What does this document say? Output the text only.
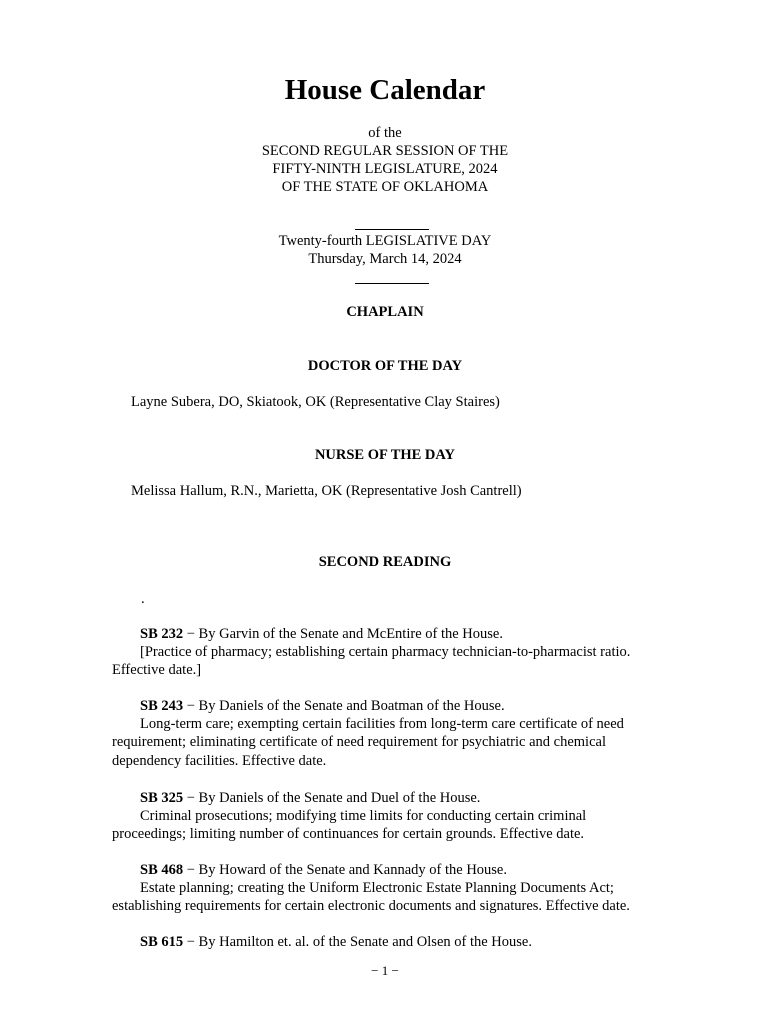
House Calendar
of the
SECOND REGULAR SESSION OF THE
FIFTY-NINTH LEGISLATURE, 2024
OF THE STATE OF OKLAHOMA
Twenty-fourth LEGISLATIVE DAY
Thursday, March 14, 2024
CHAPLAIN
DOCTOR OF THE DAY
Layne Subera, DO, Skiatook, OK (Representative Clay Staires)
NURSE OF THE DAY
Melissa Hallum, R.N., Marietta, OK (Representative Josh Cantrell)
SECOND READING
.
SB 232 − By Garvin of the Senate and McEntire of the House.
[Practice of pharmacy; establishing certain pharmacy technician-to-pharmacist ratio.
Effective date.]
SB 243 − By Daniels of the Senate and Boatman of the House.
Long-term care; exempting certain facilities from long-term care certificate of need
requirement; eliminating certificate of need requirement for psychiatric and chemical
dependency facilities. Effective date.
SB 325 − By Daniels of the Senate and Duel of the House.
Criminal prosecutions; modifying time limits for conducting certain criminal
proceedings; limiting number of continuances for certain grounds. Effective date.
SB 468 − By Howard of the Senate and Kannady of the House.
Estate planning; creating the Uniform Electronic Estate Planning Documents Act;
establishing requirements for certain electronic documents and signatures. Effective date.
SB 615 − By Hamilton et. al. of the Senate and Olsen of the House.
− 1 −
